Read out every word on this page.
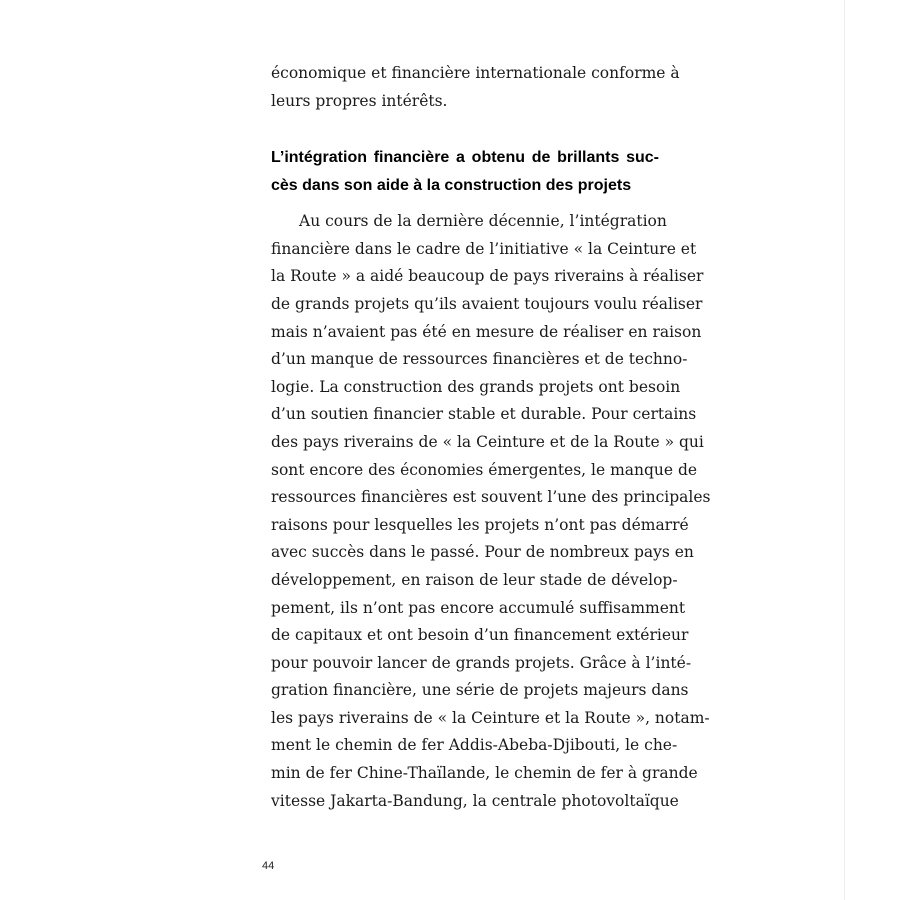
économique et financière internationale conforme à
leurs propres intérêts.
L’intégration financière a obtenu de brillants suc-
cès dans son aide à la construction des projets
Au cours de la dernière décennie, l’intégration
financière dans le cadre de l’initiative « la Ceinture et
la Route » a aidé beaucoup de pays riverains à réaliser
de grands projets qu’ils avaient toujours voulu réaliser
mais n’avaient pas été en mesure de réaliser en raison
d’un manque de ressources financières et de techno-
logie. La construction des grands projets ont besoin
d’un soutien financier stable et durable. Pour certains
des pays riverains de « la Ceinture et de la Route » qui
sont encore des économies émergentes, le manque de
ressources financières est souvent l’une des principales
raisons pour lesquelles les projets n’ont pas démarré
avec succès dans le passé. Pour de nombreux pays en
développement, en raison de leur stade de dévelop-
pement, ils n’ont pas encore accumulé suffisamment
de capitaux et ont besoin d’un financement extérieur
pour pouvoir lancer de grands projets. Grâce à l’inté-
gration financière, une série de projets majeurs dans
les pays riverains de « la Ceinture et la Route », notam-
ment le chemin de fer Addis-Abeba-Djibouti, le che-
min de fer Chine-Thaïlande, le chemin de fer à grande
vitesse Jakarta-Bandung, la centrale photovoltaïque
44
